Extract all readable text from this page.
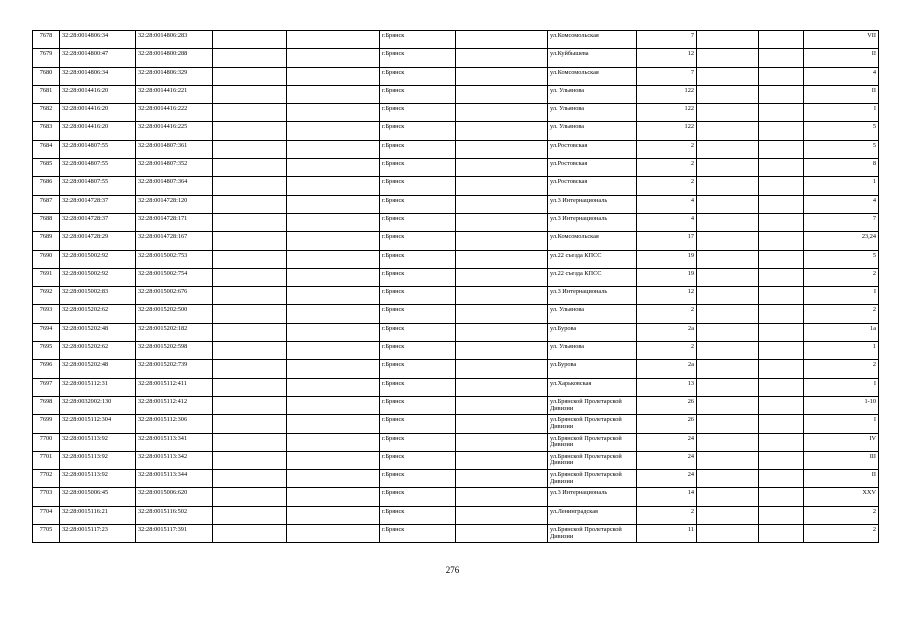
7678	32:28:0014806:34	32:28:0014806:283			г.Брянск		ул.Комсомольская	7			VII
7679	32:28:0014800:47	32:28:0014800:288			г.Брянск		ул.Куйбышева	12			II
7680	32:28:0014806:34	32:28:0014806:329			г.Брянск		ул.Комсомольская	7			4
7681	32:28:0014416:20	32:28:0014416:221			г.Брянск		ул. Ульянова	122			II
7682	32:28:0014416:20	32:28:0014416:222			г.Брянск		ул. Ульянова	122			I
7683	32:28:0014416:20	32:28:0014416:225			г.Брянск		ул. Ульянова	122			5
7684	32:28:0014807:55	32:28:0014807:361			г.Брянск		ул.Ростовская	2			5
7685	32:28:0014807:55	32:28:0014807:352			г.Брянск		ул.Ростовская	2			8
7686	32:28:0014807:55	32:28:0014807:364			г.Брянск		ул.Ростовская	2			1
7687	32:28:0014728:37	32:28:0014728:120			г.Брянск		ул.3 Интернациональ	4			4
7688	32:28:0014728:37	32:28:0014728:171			г.Брянск		ул.3 Интернациональ	4			7
7689	32:28:0014728:29	32:28:0014728:167			г.Брянск		ул.Комсомольская	17			23,24
7690	32:28:0015002:92	32:28:0015002:753			г.Брянск		ул.22 съезда КПСС	19			5
7691	32:28:0015002:92	32:28:0015002:754			г.Брянск		ул.22 съезда КПСС	19			2
7692	32:28:0015002:83	32:28:0015002:676			г.Брянск		ул.3 Интернациональ	12			I
7693	32:28:0015202:62	32:28:0015202:500			г.Брянск		ул. Ульянова	2			2
7694	32:28:0015202:48	32:28:0015202:182			г.Брянск		ул.Бурова	2а			1а
7695	32:28:0015202:62	32:28:0015202:598			г.Брянск		ул. Ульянова	2			1
7696	32:28:0015202:48	32:28:0015202:739			г.Брянск		ул.Бурова	2а			2
7697	32:28:0015112:31	32:28:0015112:411			г.Брянск		ул.Харьковская	13			I
7698	32:28:0032002:130	32:28:0015112:412			г.Брянск		ул.Брянской Пролетарской Дивизии	26			1-10
7699	32:28:0015112:304	32:28:0015112:306			г.Брянск		ул.Брянской Пролетарской Дивизии	26			I
7700	32:28:0015113:92	32:28:0015113:341			г.Брянск		ул.Брянской Пролетарской Дивизии	24			IV
7701	32:28:0015113:92	32:28:0015113:342			г.Брянск		ул.Брянской Пролетарской Дивизии	24			III
7702	32:28:0015113:92	32:28:0015113:344			г.Брянск		ул.Брянской Пролетарской Дивизии	24			II
7703	32:28:0015006:45	32:28:0015006:620			г.Брянск		ул.3 Интернациональ	14			XXV
7704	32:28:0015116:21	32:28:0015116:502			г.Брянск		ул.Ленинградская	2			2
7705	32:28:0015117:23	32:28:0015117:391			г.Брянск		ул.Брянской Пролетарской Дивизии	11			2
276
